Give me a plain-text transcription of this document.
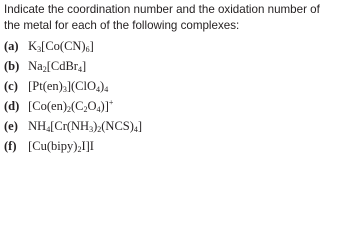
Indicate the coordination number and the oxidation number of the metal for each of the following complexes:

(a) $K_3[Co(CN)_6]$
(b) $Na_2[CdBr_4]$
(c) $[Pt(en)_3](ClO_4)_4$
(d) $[Co(en)_2(C_2O_4)]^+$
(e) $NH_4[Cr(NH_3)_2(NCS)_4]$
(f) $[Cu(bipy)_2I]I$
